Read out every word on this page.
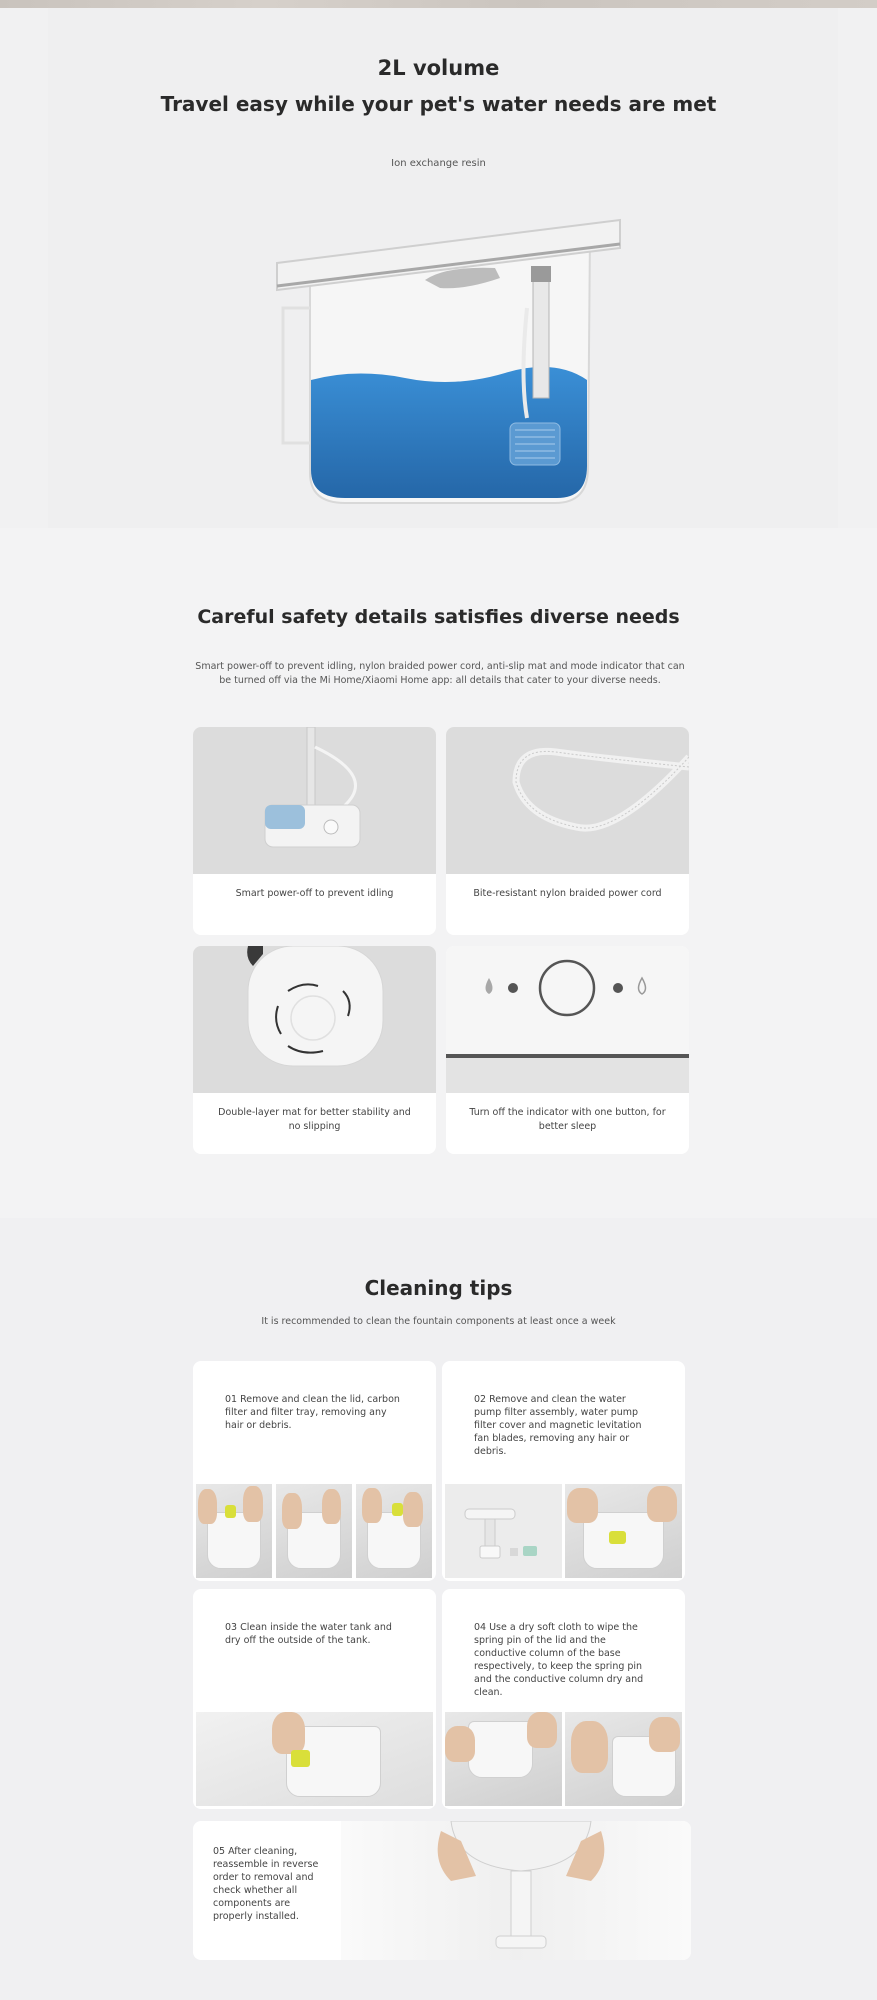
2L volume
Travel easy while your pet's water needs are met
Ion exchange resin
Careful safety details satisfies diverse needs

Smart power-off to prevent idling, nylon braided power cord, anti-slip mat and mode indicator that can be turned off via the Mi Home/Xiaomi Home app: all details that cater to your diverse needs.

Smart power-off to prevent idling	Bite-resistant nylon braided power cord
Double-layer mat for better stability and no slipping
Turn off the indicator with one button, for better sleep
Cleaning tips

It is recommended to clean the fountain components at least once a week

01 Remove and clean the lid, carbon filter and filter tray, removing any hair or debris.
02 Remove and clean the water pump filter assembly, water pump filter cover and magnetic levitation fan blades, removing any hair or debris.
03 Clean inside the water tank and dry off the outside of the tank.
04 Use a dry soft cloth to wipe the spring pin of the lid and the conductive column of the base respectively, to keep the spring pin and the conductive column dry and clean.
05 After cleaning, reassemble in reverse order to removal and check whether all components are properly installed.
